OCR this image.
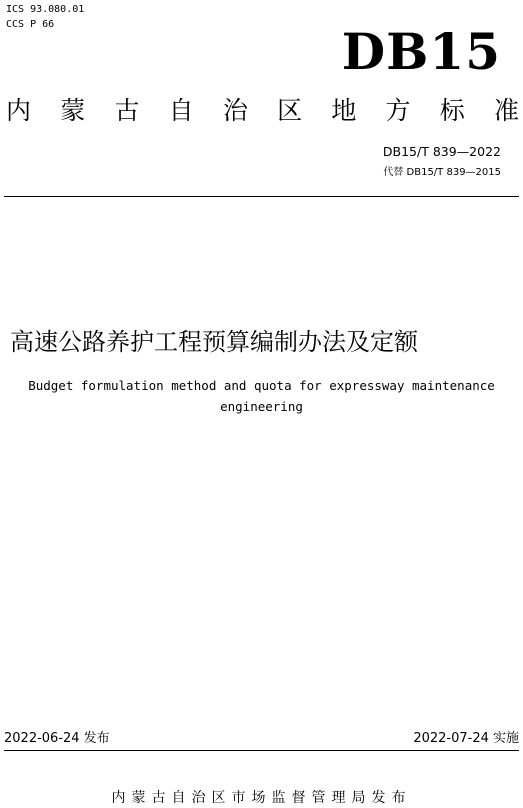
ICS 93.080.01
CCS P 66	DB15
内 蒙 古 自 治 区 地 方 标 准
DB15/T 839—2022
代替 DB15/T 839—2015
高速公路养护工程预算编制办法及定额
Budget formulation method and quota for expressway maintenance
engineering
2022-06-24 发布	2022-07-24 实施
内蒙古自治区市场监督管理局发布
